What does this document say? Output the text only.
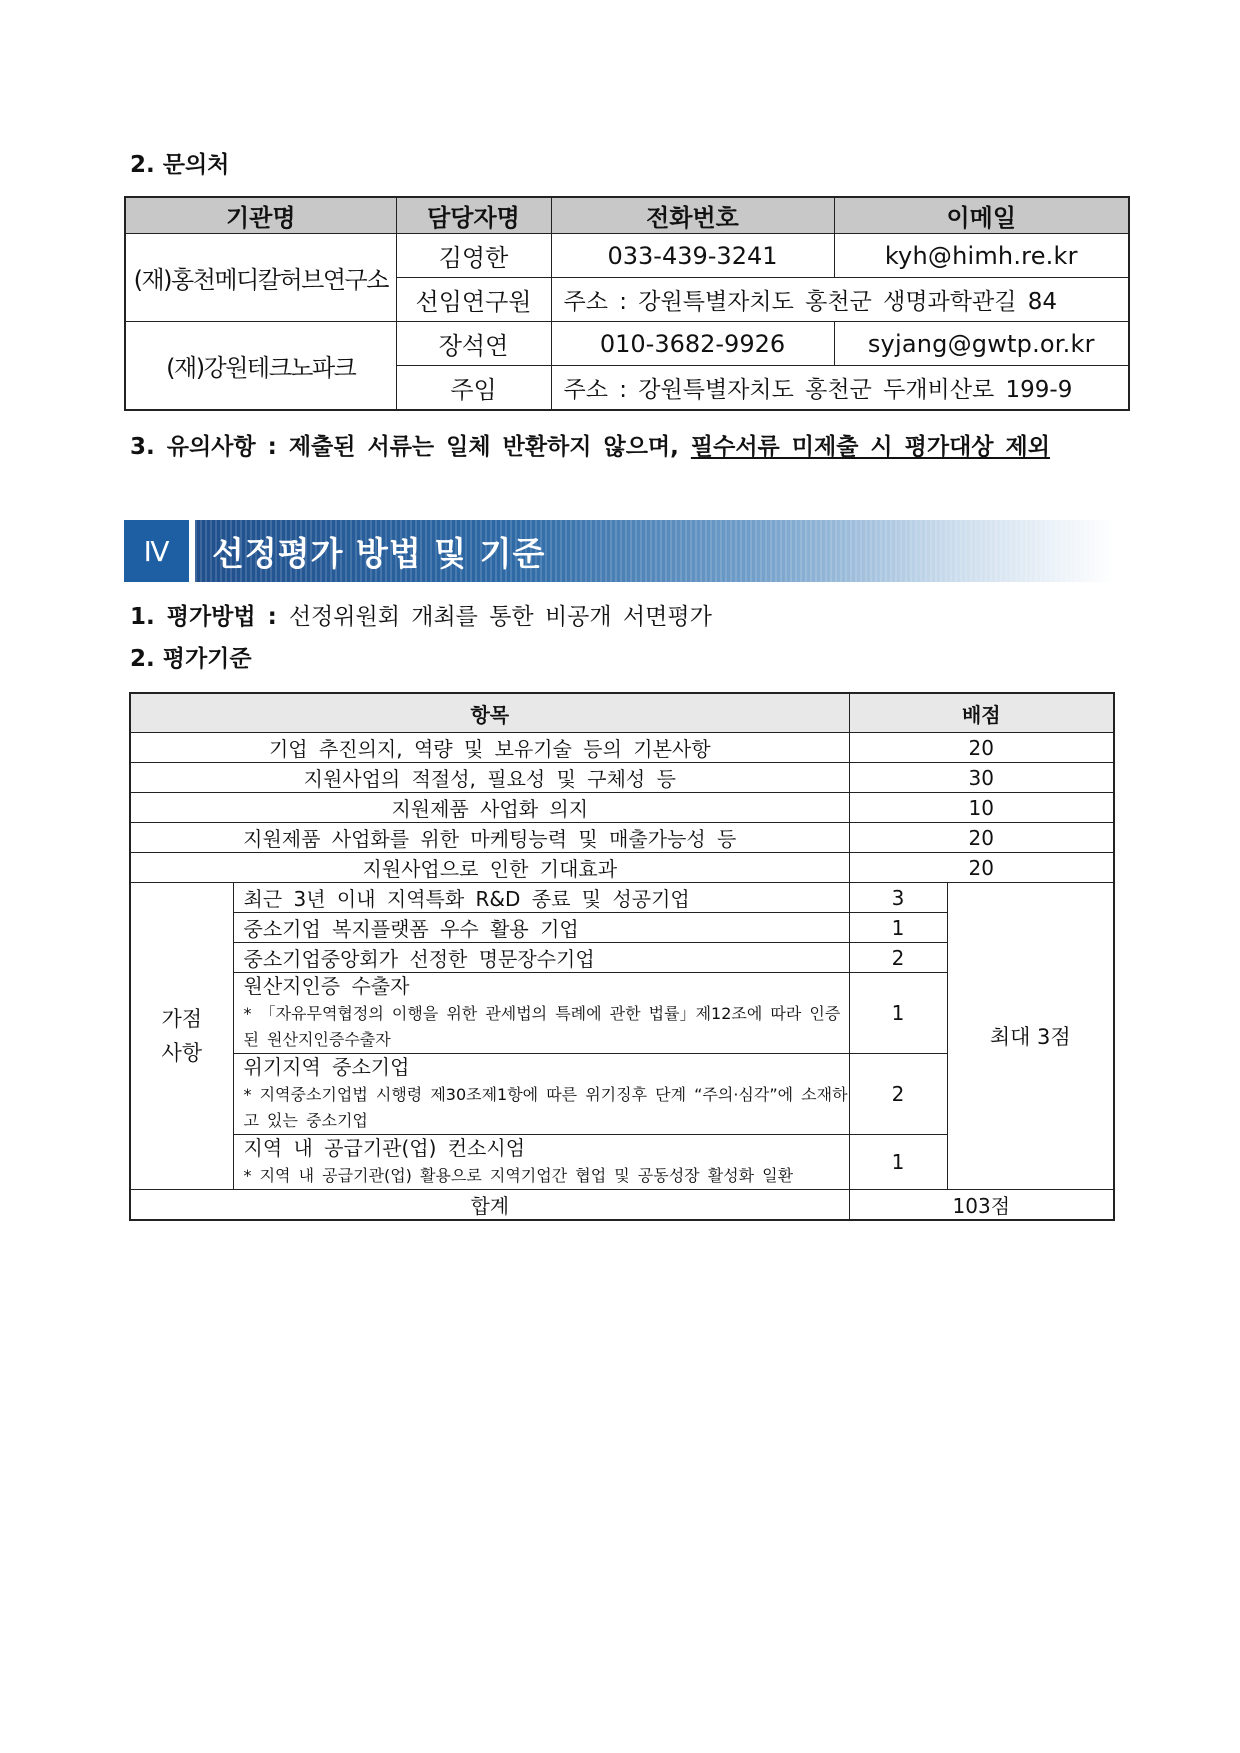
2. 문의처
기관명	담당자명	전화번호	이메일
(재)홍천메디칼허브연구소	김영한	033-439-3241	kyh@himh.re.kr
	선임연구원	주소 : 강원특별자치도 홍천군 생명과학관길 84	
(재)강원테크노파크	장석연	010-3682-9926	syjang@gwtp.or.kr
	주임	주소 : 강원특별자치도 홍천군 두개비산로 199-9	
3. 유의사항 : 제출된 서류는 일체 반환하지 않으며, 필수서류 미제출 시 평가대상 제외
Ⅳ	선정평가 방법 및 기준
1. 평가방법 : 선정위원회 개최를 통한 비공개 서면평가
2. 평가기준
항목		배점	
기업 추진의지, 역량 및 보유기술 등의 기본사항		20	
지원사업의 적절성, 필요성 및 구체성 등		30	
지원제품 사업화 의지		10	
지원제품 사업화를 위한 마케팅능력 및 매출가능성 등		20	
지원사업으로 인한 기대효과		20	
가점
사항	최근 3년 이내 지역특화 R&D 종료 및 성공기업	3	최대 3점
	중소기업 복지플랫폼 우수 활용 기업	1	
	중소기업중앙회가 선정한 명문장수기업	2	

	원산지인증 수출자
* 「자유무역협정의 이행을 위한 관세법의 특례에 관한 법률」제12조에 따라 인증된 원산지인증수출자	1	

	위기지역 중소기업
* 지역중소기업법 시행령 제30조제1항에 따른 위기징후 단계 “주의·심각”에 소재하고 있는 중소기업	2	

	지역 내 공급기관(업) 컨소시엄
* 지역 내 공급기관(업) 활용으로 지역기업간 협업 및 공동성장 활성화 일환	1	
합계		103점	
